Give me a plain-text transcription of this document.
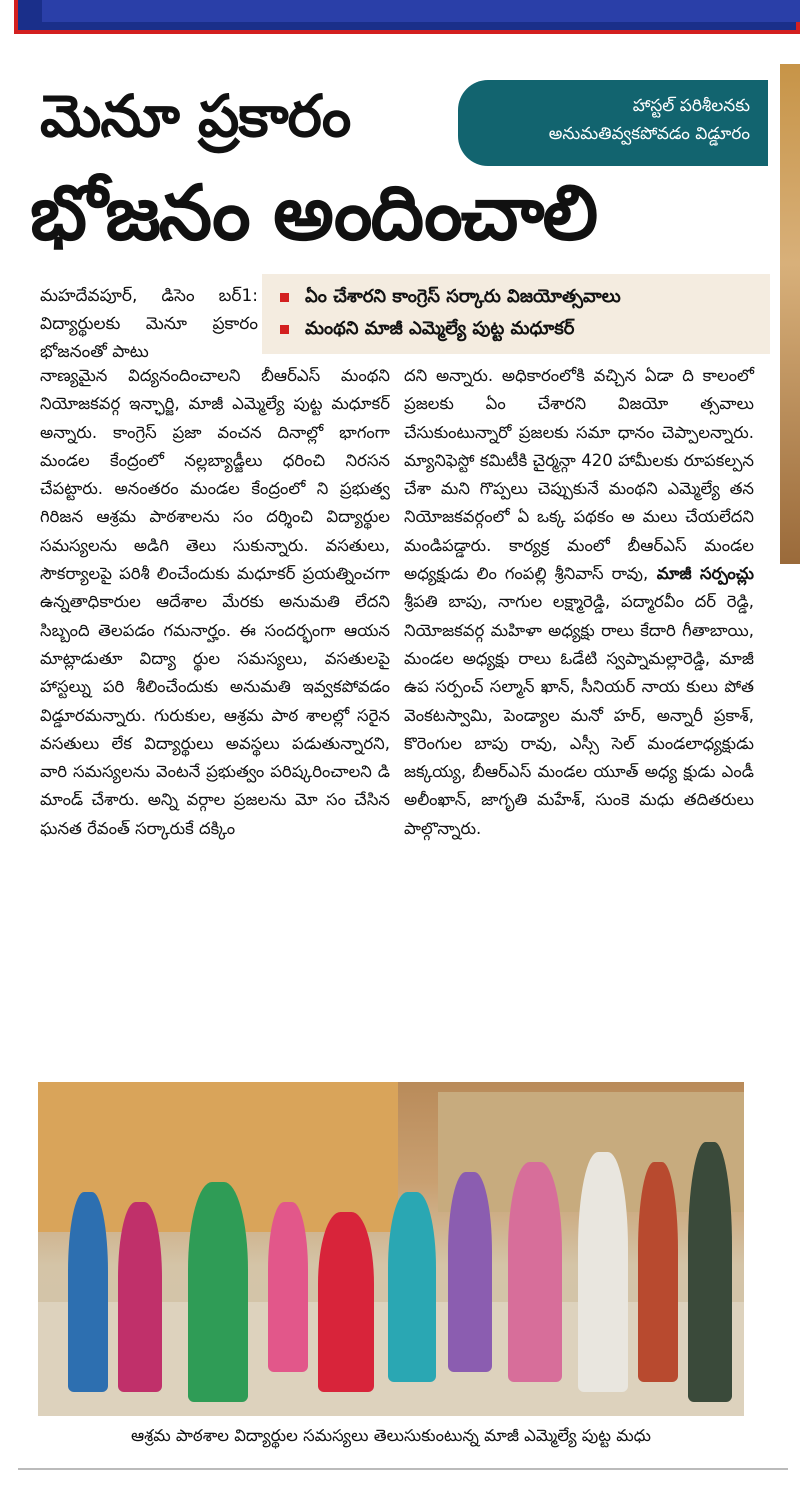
మెనూ ప్రకారం
భోజనం అందించాలి
హాస్టల్ పరిశీలనకు
అనుమతివ్వకపోవడం విడ్డూరం
మహదేవపూర్, డిసెం బర్1: విద్యార్థులకు మెనూ ప్రకారం భోజనంతో పాటు
ఏం చేశారని కాంగ్రెస్ సర్కారు విజయోత్సవాలు
మంథని మాజీ ఎమ్మెల్యే పుట్ట మధూకర్
నాణ్యమైన విద్యనందించాలని బీఆర్ఎస్ మంథని నియోజకవర్గ ఇన్ఛార్జి, మాజీ ఎమ్మెల్యే పుట్ట మధూకర్ అన్నారు. కాంగ్రెస్ ప్రజా వంచన దినాల్లో భాగంగా మండల కేంద్రంలో నల్లబ్యాడ్జీలు ధరించి నిరసన చేపట్టారు. అనంతరం మండల కేంద్రంలో ని ప్రభుత్వ గిరిజన ఆశ్రమ పాఠశాలను సం దర్శించి విద్యార్థుల సమస్యలను అడిగి తెలు సుకున్నారు. వసతులు, సౌకర్యాలపై పరిశీ లించేందుకు మధూకర్ ప్రయత్నించగా ఉన్నతాధికారుల ఆదేశాల మేరకు అనుమతి లేదని సిబ్బంది తెలపడం గమనార్హం. ఈ సందర్భంగా ఆయన మాట్లాడుతూ విద్యా ర్థుల సమస్యలు, వసతులపై హాస్టల్ను పరి శీలించేందుకు అనుమతి ఇవ్వకపోవడం విడ్డూరమన్నారు. గురుకుల, ఆశ్రమ పాఠ శాలల్లో సరైన వసతులు లేక విద్యార్థులు అవస్థలు పడుతున్నారని, వారి సమస్యలను వెంటనే ప్రభుత్వం పరిష్కరించాలని డి మాండ్ చేశారు. అన్ని వర్గాల ప్రజలను మో సం చేసిన ఘనత రేవంత్ సర్కారుకే దక్కిం
దని అన్నారు. అధికారంలోకి వచ్చిన ఏడా ది కాలంలో ప్రజలకు ఏం చేశారని విజయో త్సవాలు చేసుకుంటున్నారో ప్రజలకు సమా ధానం చెప్పాలన్నారు. మ్యానిఫెస్టో కమిటీకి చైర్మన్గా 420 హామీలకు రూపకల్పన చేశా మని గొప్పలు చెప్పుకునే మంథని ఎమ్మెల్యే తన నియోజకవర్గంలో ఏ ఒక్క పథకం అ మలు చేయలేదని మండిపడ్డారు. కార్యక్ర మంలో బీఆర్ఎస్ మండల అధ్యక్షుడు లిం గంపల్లి శ్రీనివాస్ రావు, మాజీ సర్పంచ్లు శ్రీపతి బాపు, నాగుల లక్ష్మారెడ్డి, పద్మారవీం దర్ రెడ్డి, నియోజకవర్గ మహిళా అధ్యక్షు రాలు కేదారి గీతాబాయి, మండల అధ్యక్షు రాలు ఓడేటి స్వప్నామల్లారెడ్డి, మాజీ ఉప సర్పంచ్ సల్మాన్ ఖాన్, సీనియర్ నాయ కులు పోత వెంకటస్వామి, పెండ్యాల మనో హర్, అన్నారీ ప్రకాశ్, కొరెంగుల బాపు రావు, ఎస్సీ సెల్ మండలాధ్యక్షుడు జక్కయ్య, బీఆర్ఎస్ మండల యూత్ అధ్య క్షుడు ఎండీ అలీంఖాన్, జాగృతి మహేశ్, సుంకె మధు తదితరులు పాల్గొన్నారు.
ఆశ్రమ పాఠశాల విద్యార్థుల సమస్యలు తెలుసుకుంటున్న మాజీ ఎమ్మెల్యే పుట్ట మధు
